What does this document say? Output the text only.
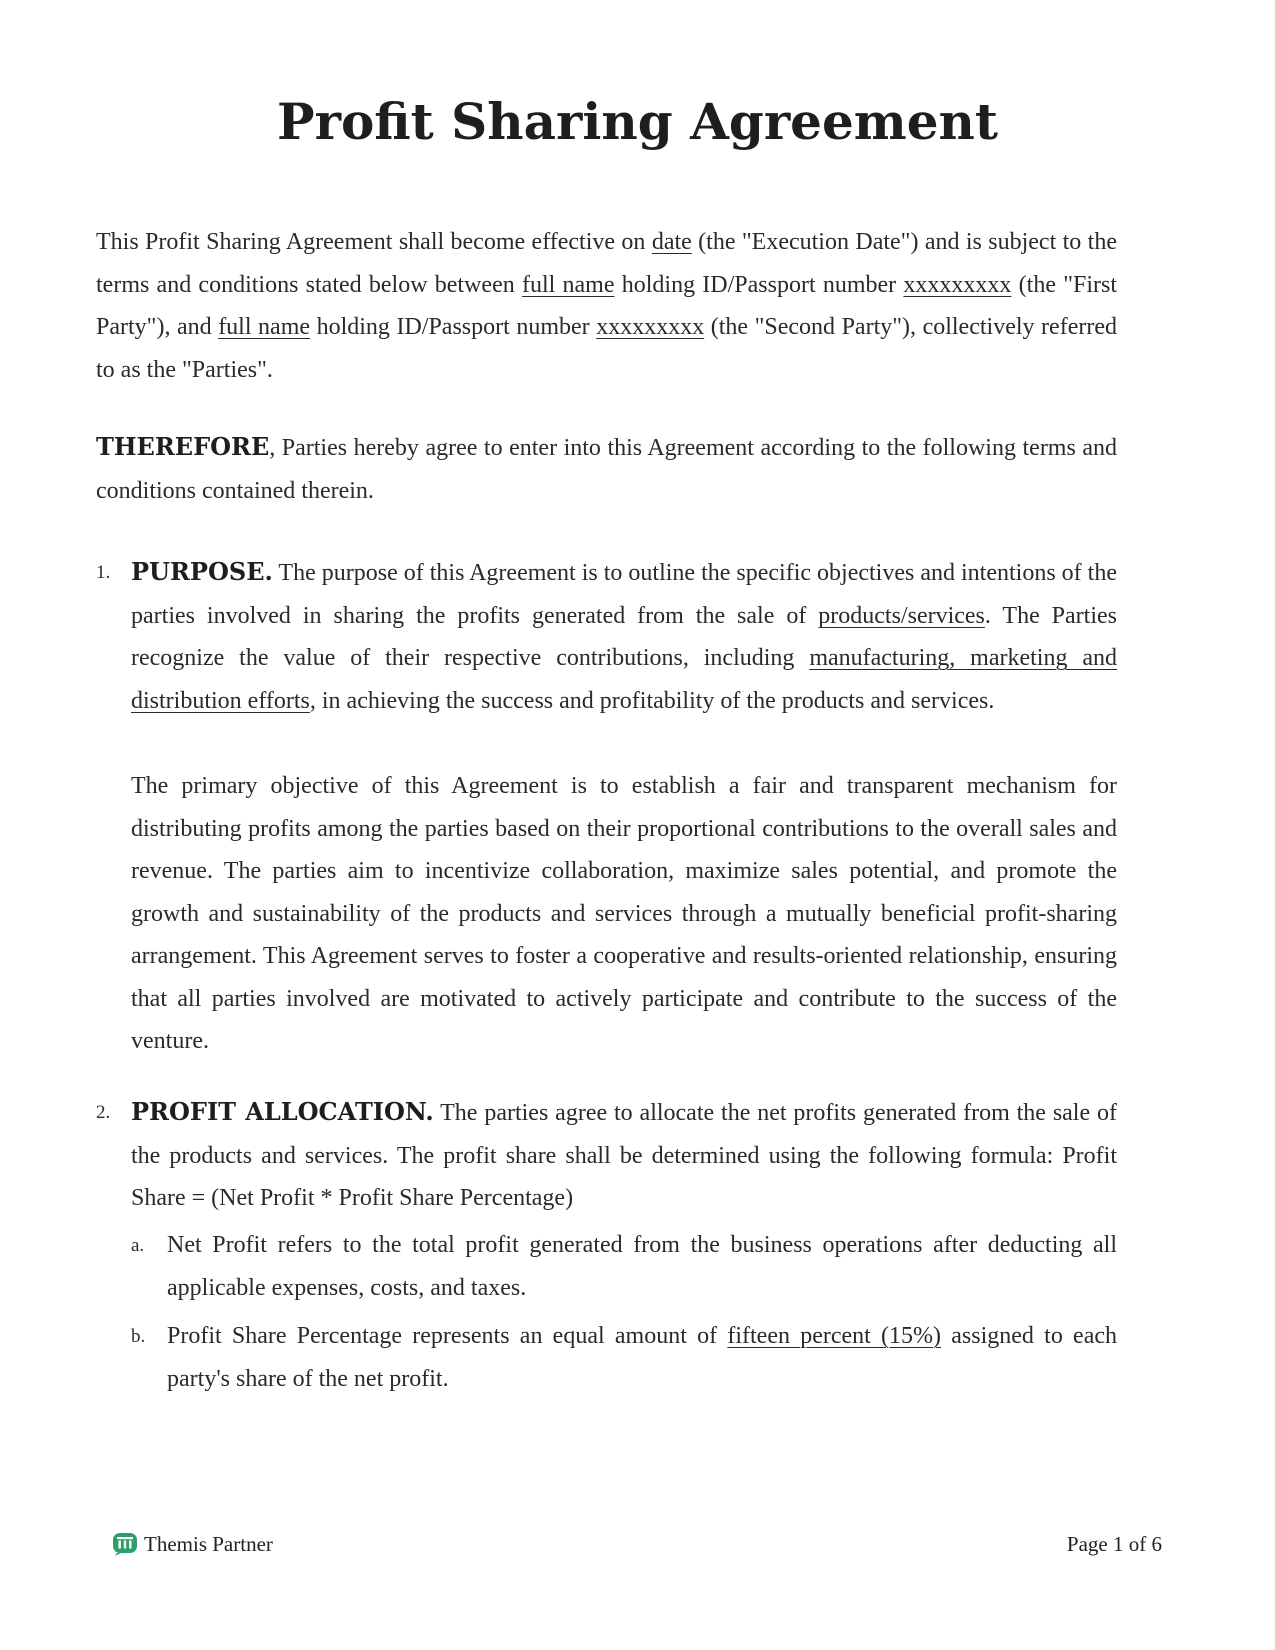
Profit Sharing Agreement

This Profit Sharing Agreement shall become effective on date (the "Execution Date") and is subject to the terms and conditions stated below between full name holding ID/Passport number xxxxxxxxx (the "First Party"), and full name holding ID/Passport number xxxxxxxxx (the "Second Party"), collectively referred to as the "Parties".

THEREFORE, Parties hereby agree to enter into this Agreement according to the following terms and conditions contained therein.

1. PURPOSE. The purpose of this Agreement is to outline the specific objectives and intentions of the parties involved in sharing the profits generated from the sale of products/services. The Parties recognize the value of their respective contributions, including manufacturing, marketing and distribution efforts, in achieving the success and profitability of the products and services.

The primary objective of this Agreement is to establish a fair and transparent mechanism for distributing profits among the parties based on their proportional contributions to the overall sales and revenue. The parties aim to incentivize collaboration, maximize sales potential, and promote the growth and sustainability of the products and services through a mutually beneficial profit-sharing arrangement. This Agreement serves to foster a cooperative and results-oriented relationship, ensuring that all parties involved are motivated to actively participate and contribute to the success of the venture.

2. PROFIT ALLOCATION. The parties agree to allocate the net profits generated from the sale of the products and services. The profit share shall be determined using the following formula: Profit Share = (Net Profit * Profit Share Percentage)

a. Net Profit refers to the total profit generated from the business operations after deducting all applicable expenses, costs, and taxes.

b. Profit Share Percentage represents an equal amount of fifteen percent (15%) assigned to each party's share of the net profit.

Themis Partner	Page 1 of 6
